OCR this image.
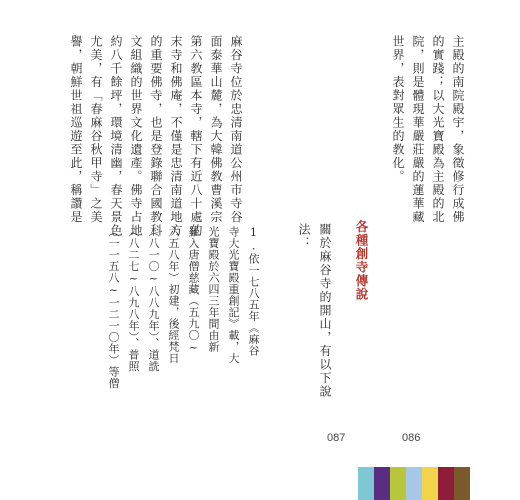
主殿的南院殿宇，象徵修行成佛
的實踐；以大光寶殿為主殿的北
院，則是體現華嚴莊嚴的蓮華藏
世界，表對眾生的教化。
各種創寺傳說
關於麻谷寺的開山，有以下說
法：
1.依一七八五年《麻谷
寺大光寶殿重創記》載，大
光寶殿於六四三年間由新
羅入唐僧慈藏（五九〇~
六五八年）初建，後經梵日
（八一〇~八八九年）、道詵
（八二七~八九八年）、普照
（一一五八~一二一〇年）等僧
麻谷寺位於忠清南道公州市寺谷
面泰華山麓，為大韓佛教曹溪宗
第六教區本寺，轄下有近八十處的
末寺和佛庵，不僅是忠清南道地方
的重要佛寺，也是登錄聯合國教科
文組織的世界文化遺產。佛寺占地
約八千餘坪，環境清幽，春天景色
尤美，有「春麻谷秋甲寺」之美
譽，朝鮮世祖巡遊至此，稱讚是
087	086
